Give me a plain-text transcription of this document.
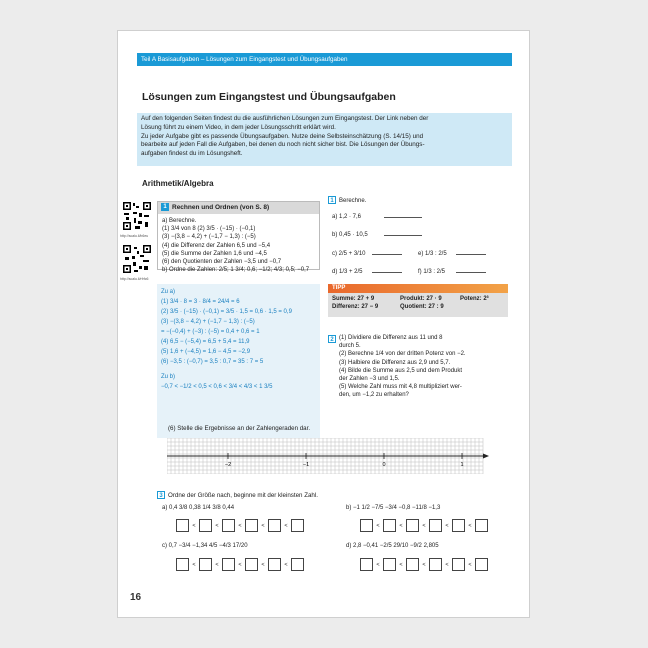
Teil A Basisaufgaben – Lösungen zum Eingangstest und Übungsaufgaben
Lösungen zum Eingangstest und Übungsaufgaben
Auf den folgenden Seiten findest du die ausführlichen Lösungen zum Eingangstest. Der Link neben der
Lösung führt zu einem Video, in dem jeder Lösungsschritt erklärt wird.
Zu jeder Aufgabe gibt es passende Übungsaufgaben. Nutze deine Selbsteinschätzung (S. 14/15) und
bearbeite auf jeden Fall die Aufgaben, bei denen du noch nicht sicher bist. Die Lösungen der Übungs-
aufgaben findest du im Lösungsheft.
Arithmetik/Algebra
http://scalu.li/b6eu
http://scalu.li/rfrfc6
1 Rechnen und Ordnen (von S. 8)
a) Berechne.
(1) 3/4 von 8 (2) 3/5 · (−15) · (−0,1)
(3) −(3,8 − 4,2) + (−1,7 − 1,3) : (−5)
(4) die Differenz der Zahlen 6,5 und −5,4
(5) die Summe der Zahlen 1,6 und −4,5
(6) den Quotienten der Zahlen −3,5 und −0,7
b) Ordne die Zahlen: 2/5; 1 3/4; 0,6; −1/2; 4/3; 0,5; −0,7
Zu a)
(1) 3/4 · 8 = 3 · 8/4 = 24/4 = 6
(2) 3/5 · (−15) · (−0,1) = 3/5 · 1,5 = 0,6 · 1,5 = 0,9
(3) −(3,8 − 4,2) + (−1,7 − 1,3) : (−5)
= −(−0,4) + (−3) : (−5) = 0,4 + 0,6 = 1
(4) 6,5 − (−5,4) = 6,5 + 5,4 = 11,9
(5) 1,6 + (−4,5) = 1,6 − 4,5 = −2,9
(6) −3,5 : (−0,7) = 3,5 : 0,7 = 35 : 7 = 5
Zu b)
−0,7 < −1/2 < 0,5 < 0,6 < 3/4 < 4/3 < 1 3/5
1 Berechne.
a) 1,2 · 7,6
b) 0,45 · 10,5
c) 2/5 + 3/10	e) 1/3 : 2/5
d) 1/3 + 2/5	f) 1/3 : 2/5
TIPP
Summe: 27 + 9	Produkt: 27 · 9	Potenz: 2³
Differenz: 27 − 9	Quotient: 27 : 9
2 (1) Dividiere die Differenz aus 11 und 8
durch 5.
(2) Berechne 1/4 von der dritten Potenz von −2.
(3) Halbiere die Differenz aus 2,9 und 5,7.
(4) Bilde die Summe aus 2,5 und dem Produkt
der Zahlen −3 und 1,5.
(5) Welche Zahl muss mit 4,8 multipliziert wer-
den, um −1,2 zu erhalten?
(6) Stelle die Ergebnisse an der Zahlengeraden dar.
−2	−1	0	1
3 Ordne der Größe nach, beginne mit der kleinsten Zahl.
a) 0,4 3/8 0,38 1/4 3/8 0,44	b) −1 1/2 −7/5 −3/4 −0,8 −11/8 −1,3
<	<	<	<	<	<	<	<	<	<
c) 0,7 −3/4 −1,34 4/5 −4/3 17/20	d) 2,8 −0,41 −2/5 29/10 −9/2 2,805
<	<	<	<	<	<	<	<	<	<
16
